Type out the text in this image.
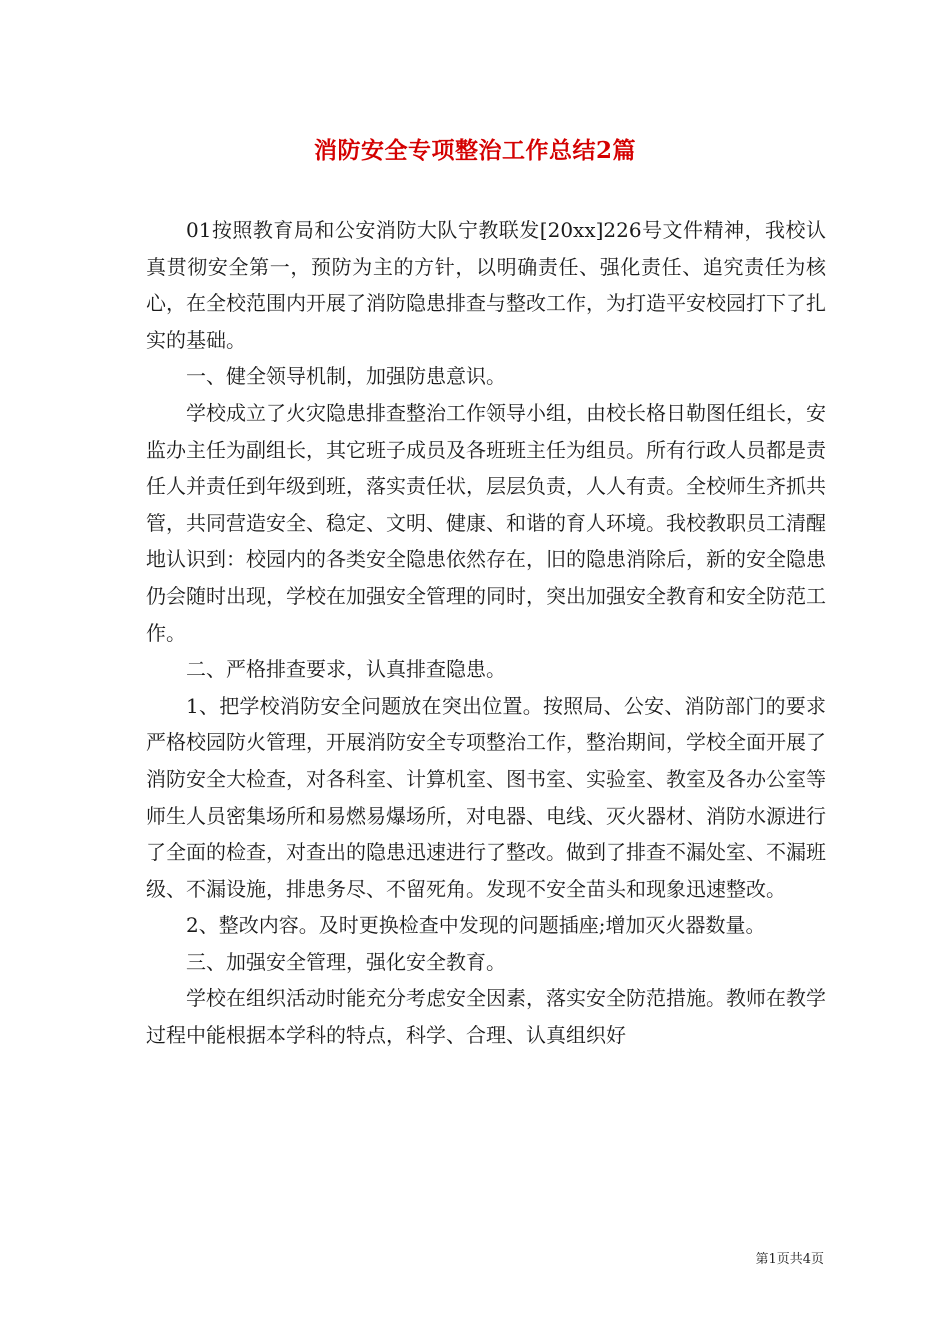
消防安全专项整治工作总结2篇

01按照教育局和公安消防大队宁教联发[20xx]226号文件精神，我校认真贯彻安全第一，预防为主的方针，以明确责任、强化责任、追究责任为核心，在全校范围内开展了消防隐患排查与整改工作，为打造平安校园打下了扎实的基础。

一、健全领导机制，加强防患意识。

学校成立了火灾隐患排查整治工作领导小组，由校长格日勒图任组长，安监办主任为副组长，其它班子成员及各班班主任为组员。所有行政人员都是责任人并责任到年级到班，落实责任状，层层负责，人人有责。全校师生齐抓共管，共同营造安全、稳定、文明、健康、和谐的育人环境。我校教职员工清醒地认识到：校园内的各类安全隐患依然存在，旧的隐患消除后，新的安全隐患仍会随时出现，学校在加强安全管理的同时，突出加强安全教育和安全防范工作。

二、严格排查要求，认真排查隐患。

1、把学校消防安全问题放在突出位置。按照局、公安、消防部门的要求严格校园防火管理，开展消防安全专项整治工作，整治期间，学校全面开展了消防安全大检查，对各科室、计算机室、图书室、实验室、教室及各办公室等师生人员密集场所和易燃易爆场所，对电器、电线、灭火器材、消防水源进行了全面的检查，对查出的隐患迅速进行了整改。做到了排查不漏处室、不漏班级、不漏设施，排患务尽、不留死角。发现不安全苗头和现象迅速整改。

2、整改内容。及时更换检查中发现的问题插座;增加灭火器数量。

三、加强安全管理，强化安全教育。

学校在组织活动时能充分考虑安全因素，落实安全防范措施。教师在教学过程中能根据本学科的特点，科学、合理、认真组织好

第1页共4页
